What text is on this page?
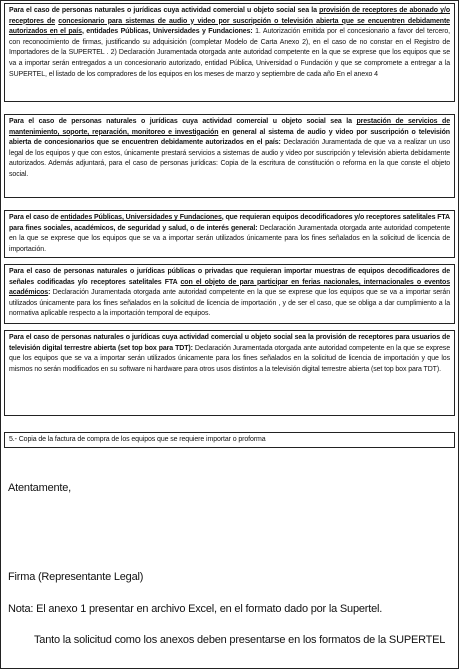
Para el caso de personas naturales o jurídicas cuya actividad comercial u objeto social sea la provisión de receptores de abonado y/o receptores de concesionario para sistemas de audio y video por suscripción o televisión abierta que se encuentren debidamente autorizados en el país, entidades Públicas, Universidades y Fundaciones: 1. Autorización emitida por el concesionario a favor del tercero, con reconocimiento de firmas, justificando su adquisición (completar Modelo de Carta Anexo 2), en el caso de no constar en el Registro de Importadores de la SUPERTEL . 2) Declaración Juramentada otorgada ante autoridad competente en la que se exprese que los equipos que se va a importar serán entregados a un concesionario autorizado, entidad Pública, Universidad o Fundación y que se compromete a entregar a la SUPERTEL, el listado de los compradores de los equipos en los meses de marzo y septiembre de cada año En el anexo 4
Para el caso de personas naturales o jurídicas cuya actividad comercial u objeto social sea la prestación de servicios de mantenimiento, soporte, reparación, monitoreo e investigación en general al sistema de audio y video por suscripción o televisión abierta de concesionarios que se encuentren debidamente autorizados en el país: Declaración Juramentada de que va a realizar un uso legal de los equipos y que con estos, únicamente prestará servicios a sistemas de audio y video por suscripción y televisión abierta debidamente autorizados. Además adjuntará, para el caso de personas jurídicas: Copia de la escritura de constitución o reforma en la que conste el objeto social.
Para el caso de entidades Públicas, Universidades y Fundaciones, que requieran equipos decodificadores y/o receptores satelitales FTA para fines sociales, académicos, de seguridad y salud, o de interés general: Declaración Juramentada otorgada ante autoridad competente en la que se exprese que los equipos que se va a importar serán utilizados únicamente para los fines señalados en la solicitud de licencia de importación.
Para el caso de personas naturales o jurídicas públicas o privadas que requieran importar muestras de equipos decodificadores de señales codificadas y/o receptores satelitales FTA con el objeto de para participar en ferias nacionales, internacionales o eventos académicos: Declaración Juramentada otorgada ante autoridad competente en la que se exprese que los equipos que se va a importar serán utilizados únicamente para los fines señalados en la solicitud de licencia de importación , y de ser el caso, que se obliga a dar cumplimiento a la normativa aplicable respecto a la importación temporal de equipos.
Para el caso de personas naturales o jurídicas cuya actividad comercial u objeto social sea la provisión de receptores para usuarios de televisión digital terrestre abierta (set top box para TDT): Declaración Juramentada otorgada ante autoridad competente en la que se exprese que los equipos que se va a importar serán utilizados únicamente para los fines señalados en la solicitud de licencia de importación y que los mismos no serán modificados en su software ni hardware para otros usos distintos a la televisión digital terrestre abierta (set top box para TDT).
5.- Copia de la factura de compra de los equipos que se requiere importar o proforma
Atentamente,
Firma (Representante Legal)
Nota: El anexo 1 presentar en archivo Excel, en el formato dado por la Supertel.
Tanto la solicitud como los anexos deben presentarse en los formatos de la SUPERTEL
